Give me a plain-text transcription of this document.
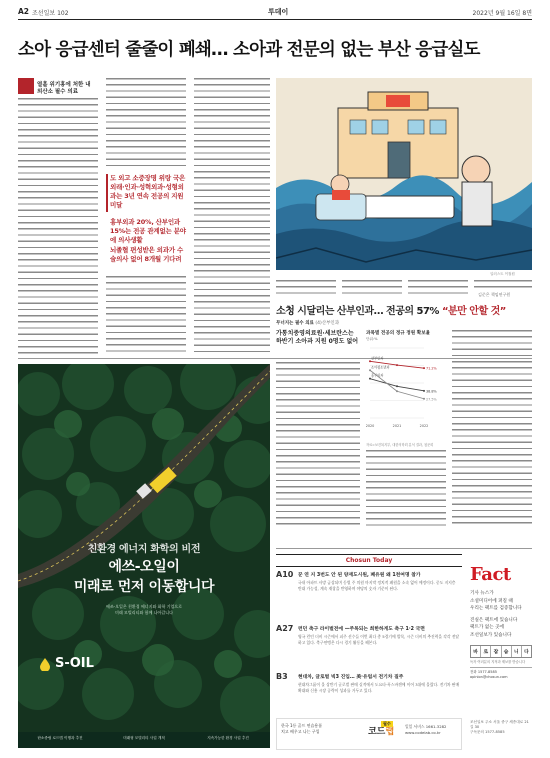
A2 조선일보 102	투데이	2022년 9월 16일 8면
소아 응급센터 줄줄이 폐쇄… 소아과 전문의 없는 부산 응급실도
열흘 위기홍에 처한 내외산소 필수 의료
도 외고 소중장명 위랑 국은 외래·인과·성혁외과·성형외과는 3년 연속 전공의 지원 미달
흉부외과 20%, 산부인과 15%는 전공 관계없는 분야에 의사생활
뇌졸혈 편성받은 외과가 수술의사 없어 8개월 기다려
일러스트 이철원
김준은 책임연구원
친환경 에너지 화학의 비전
에쓰-오일이
미래로 먼저 이동합니다
에쓰-오일은 친환경 에너지와 화학 기업으로
미래 모빌리티와 함께 나아갑니다
S-OIL
탄소중립 로드맵 이행과 추진	미래형 모빌리티 사업 개척	지속가능한 환경 사업 추진
소청 시달리는 산부인과… 전공의 57% “분만 안할 것”
무너지는 필수 의료 (4)산부인과
가통치중영의료원·세브란스는 하반기 소아과 지원 0명도 없어
과목별 전공의 정규 정원 확보율
단위:%
71.2%
산부인과
38.8%
흉부외과
27.5%
소아청소년과
2020	2021	2022
자료=보건복지부, 대한의학회 분석 결과, 청문회
Chosun Today
A10 꾼 연 지 3번도 안 된 양재도시원, 폐유원 왜 1천여명 참가
국내 아파트 사망 급상되며 동별 주 의원 마지막 정치적 폐원을 소속 없어 예정이다. 중도 지지층 반대 가능성, 계속 재창을 반영하며 야당의 숫자 기준이 된다.
A27 런던 축구 라이벌전에 —주목되는 희한하게도 축구 1·2 국면
영국 런던 더비 시즌에서 피주 선수들 이번 최다 총 5경기에 발목, 시즌 더비의 추진력을 각각 전달하고 있다. 축구연맹은 다시 경기 활동을 해본다.
B3 현대차, 글로벌 빅3 진입… 美·유럽서 전기차 질주
현대차그룹이 올 상반기 글로벌 판매 실적에서 도요타·폭스바겐에 이어 3위에 올랐다. 전기차 판매 확대와 신흥 시장 공략이 성과를 거두고 있다.
Fact
기사 뉴스가
소셜미디어에 퍼질 때
우리는 팩트를 검증합니다
진실은 팩트에 있습니다
팩트가 없는 곳에
조선일보가 있습니다
바	로	잡	습	니	다
독자 여러분의 지적과 제보를 받습니다
전화 1577-8585
opinion@chosun.com
한국 1등 골프 연습용품
치고 배우고 나는 구입	코드랩
필수
일일 서비스 1661-3282
www.codelab.co.kr
조선일보 주소 서울 중구 세종대로 21길 30
구독문의 1577-8585
